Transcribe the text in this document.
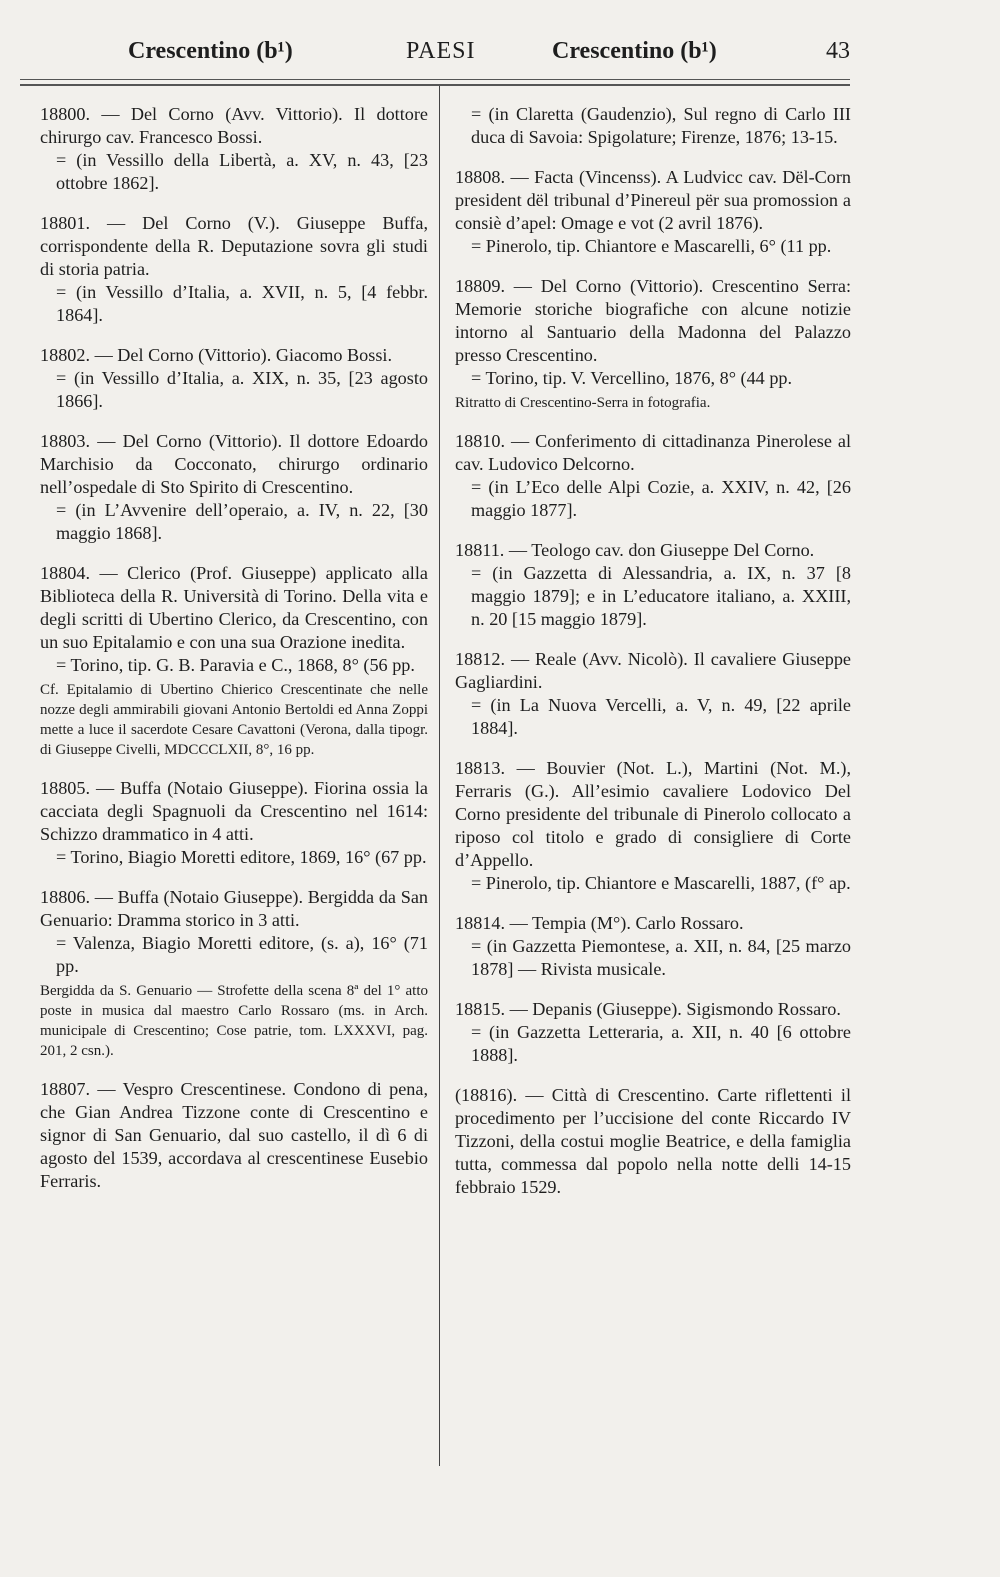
Crescentino (b¹)	PAESI	Crescentino (b¹)	43

18800. — Del Corno (Avv. Vittorio). Il dottore chirurgo cav. Francesco Bossi.

= (in Vessillo della Libertà, a. XV, n. 43, [23 ottobre 1862].

18801. — Del Corno (V.). Giuseppe Buffa, corrispondente della R. Deputazione sovra gli studi di storia patria.

= (in Vessillo d’Italia, a. XVII, n. 5, [4 febbr. 1864].

18802. — Del Corno (Vittorio). Giacomo Bossi.

= (in Vessillo d’Italia, a. XIX, n. 35, [23 agosto 1866].

18803. — Del Corno (Vittorio). Il dottore Edoardo Marchisio da Cocconato, chirurgo ordinario nell’ospedale di Sto Spirito di Crescentino.

= (in L’Avvenire dell’operaio, a. IV, n. 22, [30 maggio 1868].

18804. — Clerico (Prof. Giuseppe) applicato alla Biblioteca della R. Università di Torino. Della vita e degli scritti di Ubertino Clerico, da Crescentino, con un suo Epitalamio e con una sua Orazione inedita.

= Torino, tip. G. B. Paravia e C., 1868, 8° (56 pp.

Cf. Epitalamio di Ubertino Chierico Crescentinate che nelle nozze degli ammirabili giovani Antonio Bertoldi ed Anna Zoppi mette a luce il sacerdote Cesare Cavattoni (Verona, dalla tipogr. di Giuseppe Civelli, MDCCCLXII, 8°, 16 pp.

18805. — Buffa (Notaio Giuseppe). Fiorina ossia la cacciata degli Spagnuoli da Crescentino nel 1614: Schizzo drammatico in 4 atti.

= Torino, Biagio Moretti editore, 1869, 16° (67 pp.

18806. — Buffa (Notaio Giuseppe). Bergidda da San Genuario: Dramma storico in 3 atti.

= Valenza, Biagio Moretti editore, (s. a), 16° (71 pp.

Bergidda da S. Genuario — Strofette della scena 8ª del 1° atto poste in musica dal maestro Carlo Rossaro (ms. in Arch. municipale di Crescentino; Cose patrie, tom. LXXXVI, pag. 201, 2 csn.).

18807. — Vespro Crescentinese. Condono di pena, che Gian Andrea Tizzone conte di Crescentino e signor di San Genuario, dal suo castello, il dì 6 di agosto del 1539, accordava al crescentinese Eusebio Ferraris.

= (in Claretta (Gaudenzio), Sul regno di Carlo III duca di Savoia: Spigolature; Firenze, 1876; 13-15.

18808. — Facta (Vincenss). A Ludvicc cav. Dël-Corn president dël tribunal d’Pinereul për sua promossion a consiè d’apel: Omage e vot (2 avril 1876).

= Pinerolo, tip. Chiantore e Mascarelli, 6° (11 pp.

18809. — Del Corno (Vittorio). Crescentino Serra: Memorie storiche biografiche con alcune notizie intorno al Santuario della Madonna del Palazzo presso Crescentino.

= Torino, tip. V. Vercellino, 1876, 8° (44 pp.

Ritratto di Crescentino-Serra in fotografia.

18810. — Conferimento di cittadinanza Pinerolese al cav. Ludovico Delcorno.

= (in L’Eco delle Alpi Cozie, a. XXIV, n. 42, [26 maggio 1877].

18811. — Teologo cav. don Giuseppe Del Corno.

= (in Gazzetta di Alessandria, a. IX, n. 37 [8 maggio 1879]; e in L’educatore italiano, a. XXIII, n. 20 [15 maggio 1879].

18812. — Reale (Avv. Nicolò). Il cavaliere Giuseppe Gagliardini.

= (in La Nuova Vercelli, a. V, n. 49, [22 aprile 1884].

18813. — Bouvier (Not. L.), Martini (Not. M.), Ferraris (G.). All’esimio cavaliere Lodovico Del Corno presidente del tribunale di Pinerolo collocato a riposo col titolo e grado di consigliere di Corte d’Appello.

= Pinerolo, tip. Chiantore e Mascarelli, 1887, (f° ap.

18814. — Tempia (M°). Carlo Rossaro.

= (in Gazzetta Piemontese, a. XII, n. 84, [25 marzo 1878] — Rivista musicale.

18815. — Depanis (Giuseppe). Sigismondo Rossaro.

= (in Gazzetta Letteraria, a. XII, n. 40 [6 ottobre 1888].

(18816). — Città di Crescentino. Carte riflettenti il procedimento per l’uccisione del conte Riccardo IV Tizzoni, della costui moglie Beatrice, e della famiglia tutta, commessa dal popolo nella notte delli 14-15 febbraio 1529.
